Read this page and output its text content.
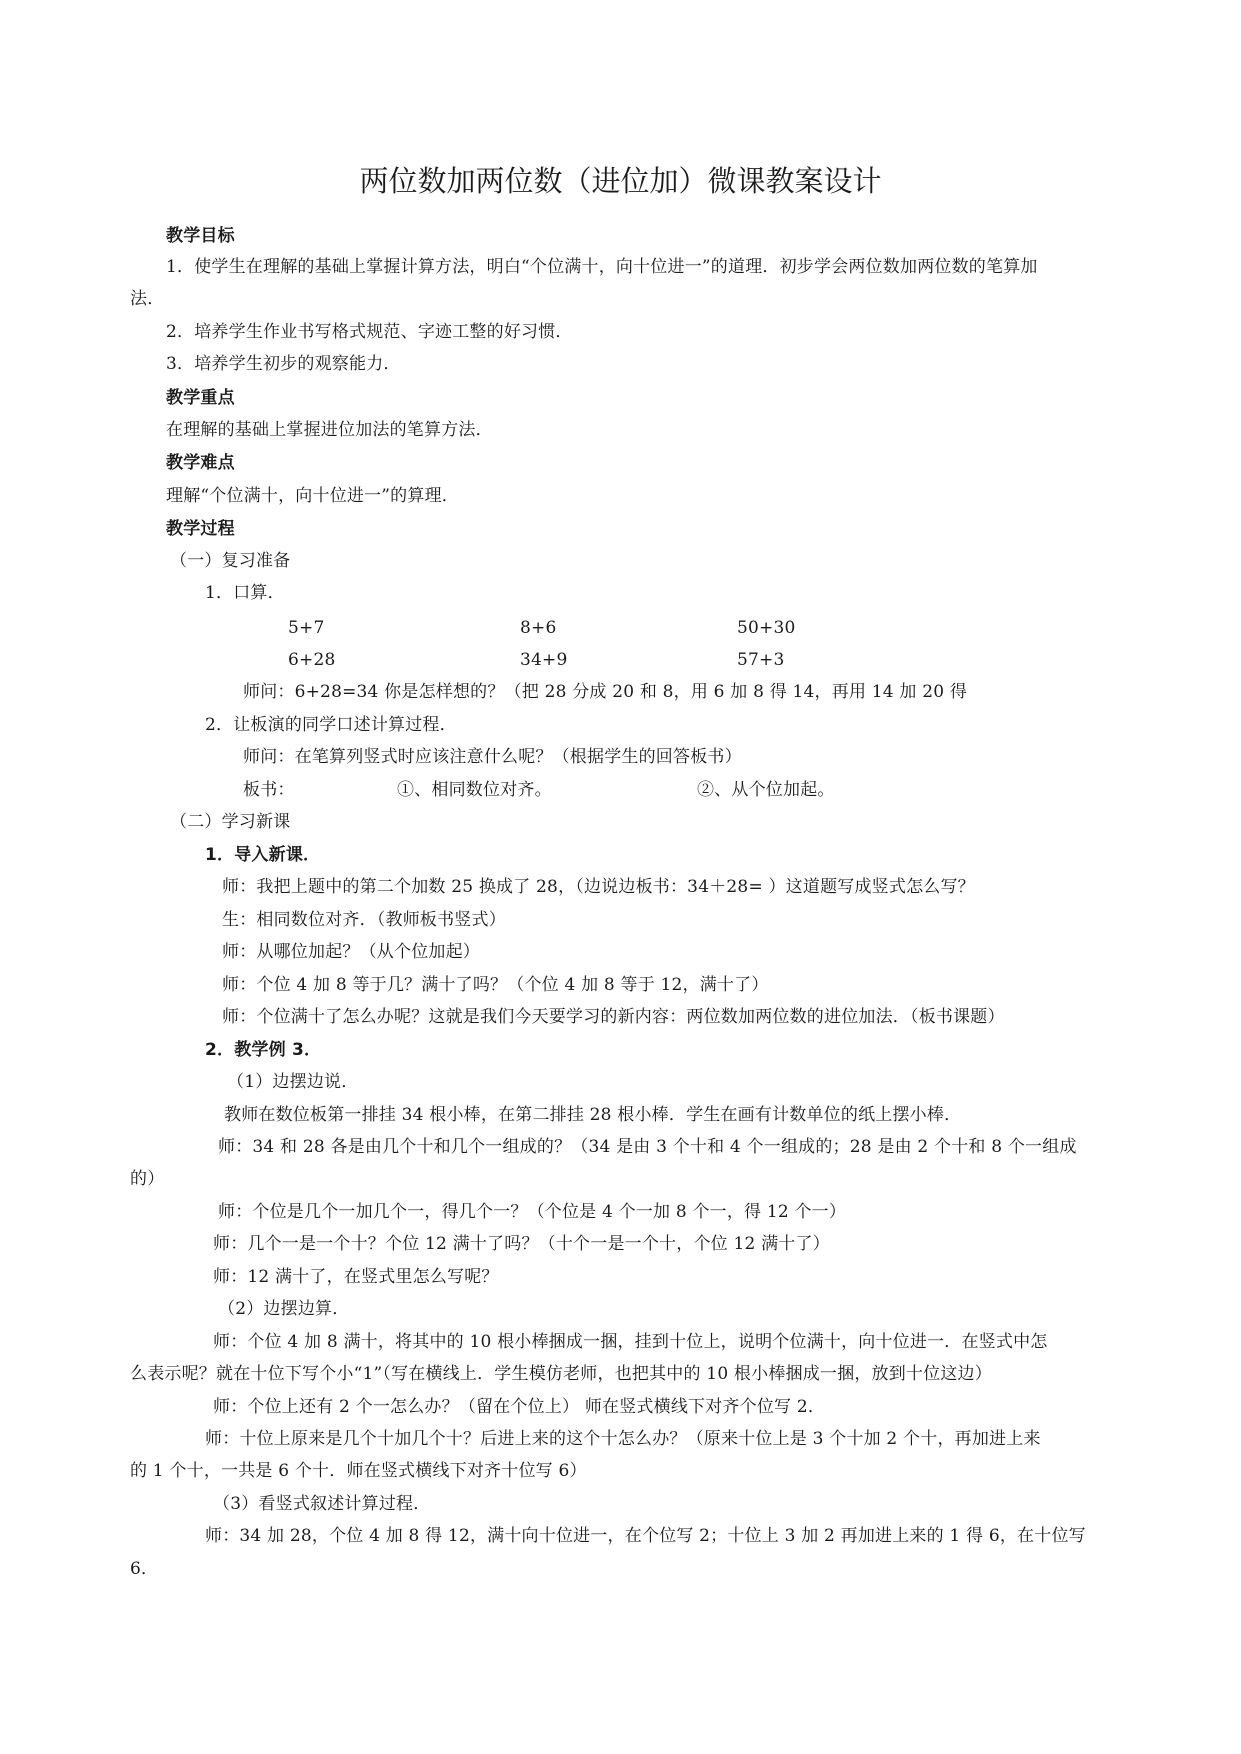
两位数加两位数（进位加）微课教案设计
教学目标
1．使学生在理解的基础上掌握计算方法，明白“个位满十，向十位进一”的道理．初步学会两位数加两位数的笔算加
法．
2．培养学生作业书写格式规范、字迹工整的好习惯．
3．培养学生初步的观察能力．
教学重点
在理解的基础上掌握进位加法的笔算方法．
教学难点
理解“个位满十，向十位进一”的算理．
教学过程
（一）复习准备
1．口算．
5+7	8+6	50+30
6+28	34+9	57+3
师问：6+28=34 你是怎样想的？（把 28 分成 20 和 8，用 6 加 8 得 14，再用 14 加 20 得
2．让板演的同学口述计算过程．
师问：在笔算列竖式时应该注意什么呢？（根据学生的回答板书）
板书：	①、相同数位对齐。	②、从个位加起。
（二）学习新课
1．导入新课．
师：我把上题中的第二个加数 25 换成了 28，（边说边板书：34＋28= ）这道题写成竖式怎么写？
生：相同数位对齐．（教师板书竖式）
师：从哪位加起？（从个位加起）
师：个位 4 加 8 等于几？满十了吗？（个位 4 加 8 等于 12，满十了）
师：个位满十了怎么办呢？这就是我们今天要学习的新内容：两位数加两位数的进位加法．（板书课题）
2．教学例 3．
（1）边摆边说．
教师在数位板第一排挂 34 根小棒，在第二排挂 28 根小棒．学生在画有计数单位的纸上摆小棒．
师：34 和 28 各是由几个十和几个一组成的？（34 是由 3 个十和 4 个一组成的；28 是由 2 个十和 8 个一组成
的）
师：个位是几个一加几个一，得几个一？（个位是 4 个一加 8 个一，得 12 个一）
师：几个一是一个十？个位 12 满十了吗？（十个一是一个十，个位 12 满十了）
师：12 满十了，在竖式里怎么写呢？
（2）边摆边算．
师：个位 4 加 8 满十，将其中的 10 根小棒捆成一捆，挂到十位上，说明个位满十，向十位进一．在竖式中怎
么表示呢？就在十位下写个小“1”（写在横线上．学生模仿老师，也把其中的 10 根小棒捆成一捆，放到十位这边）
师：个位上还有 2 个一怎么办？（留在个位上） 师在竖式横线下对齐个位写 2．
师：十位上原来是几个十加几个十？后进上来的这个十怎么办？（原来十位上是 3 个十加 2 个十，再加进上来
的 1 个十，一共是 6 个十．师在竖式横线下对齐十位写 6）
（3）看竖式叙述计算过程．
师：34 加 28，个位 4 加 8 得 12，满十向十位进一，在个位写 2；十位上 3 加 2 再加进上来的 1 得 6，在十位写
6．
